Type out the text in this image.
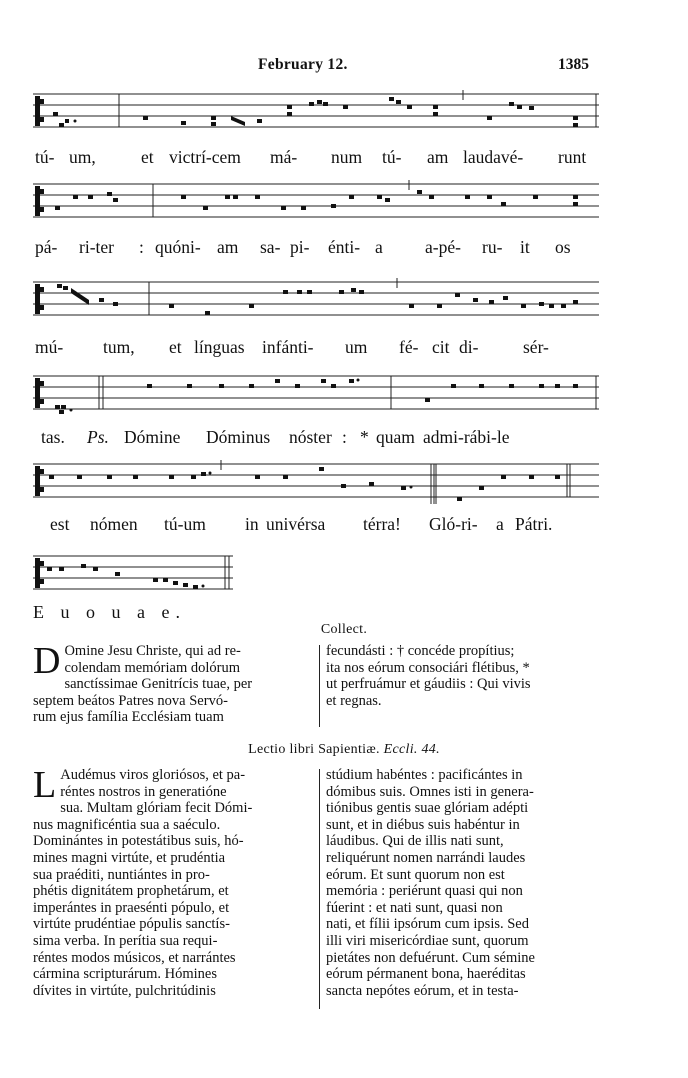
February 12.	1385
tú- um,	et victrí-cem má- num tú- am laudavé- runt
pá- ri-ter : quóni- am sa- pi- énti- a a-pé- ru- it os
mú- tum, et línguas infánti- um fé- cit di-	sér-
tas. Ps. Dómine Dóminus nóster : * quam admi-rábi-le
est nómen tú-um in univérsa térra! Gló-ri- a Pátri.
E u o u a e.
Collect.
D Omine Jesu Christe, qui ad re-

colendam memóriam dolórum

sanctíssimae Genitrícis tuae, per

septem beátos Patres nova Servó-

rum ejus família Ecclésiam tuam

fecundásti : † concéde propítius;

ita nos eórum consociári flétibus, *

ut perfruámur et gáudiis : Qui vivis

et regnas.

Lectio libri Sapientiæ. Eccli. 44.
L Audémus viros gloriósos, et pa-

réntes nostros in generatióne

sua. Multam glóriam fecit Dómi-

nus magnificéntia sua a saéculo.

Dominántes in potestátibus suis, hó-

mines magni virtúte, et prudéntia

sua praéditi, nuntiántes in pro-

phétis dignitátem prophetárum, et

imperántes in praesénti pópulo, et

virtúte prudéntiae pópulis sanctís-

sima verba. In perítia sua requi-

réntes modos músicos, et narrántes

cármina scripturárum. Hómines

dívites in virtúte, pulchritúdinis

stúdium habéntes : pacificántes in

dómibus suis. Omnes isti in genera-

tiónibus gentis suae glóriam adépti

sunt, et in diébus suis habéntur in

láudibus. Qui de illis nati sunt,

reliquérunt nomen narrándi laudes

eórum. Et sunt quorum non est

memória : periérunt quasi qui non

fúerint : et nati sunt, quasi non

nati, et fílii ipsórum cum ipsis. Sed

illi viri misericórdiae sunt, quorum

pietátes non defuérunt. Cum sémine

eórum pérmanent bona, haeréditas

sancta nepótes eórum, et in testa-
